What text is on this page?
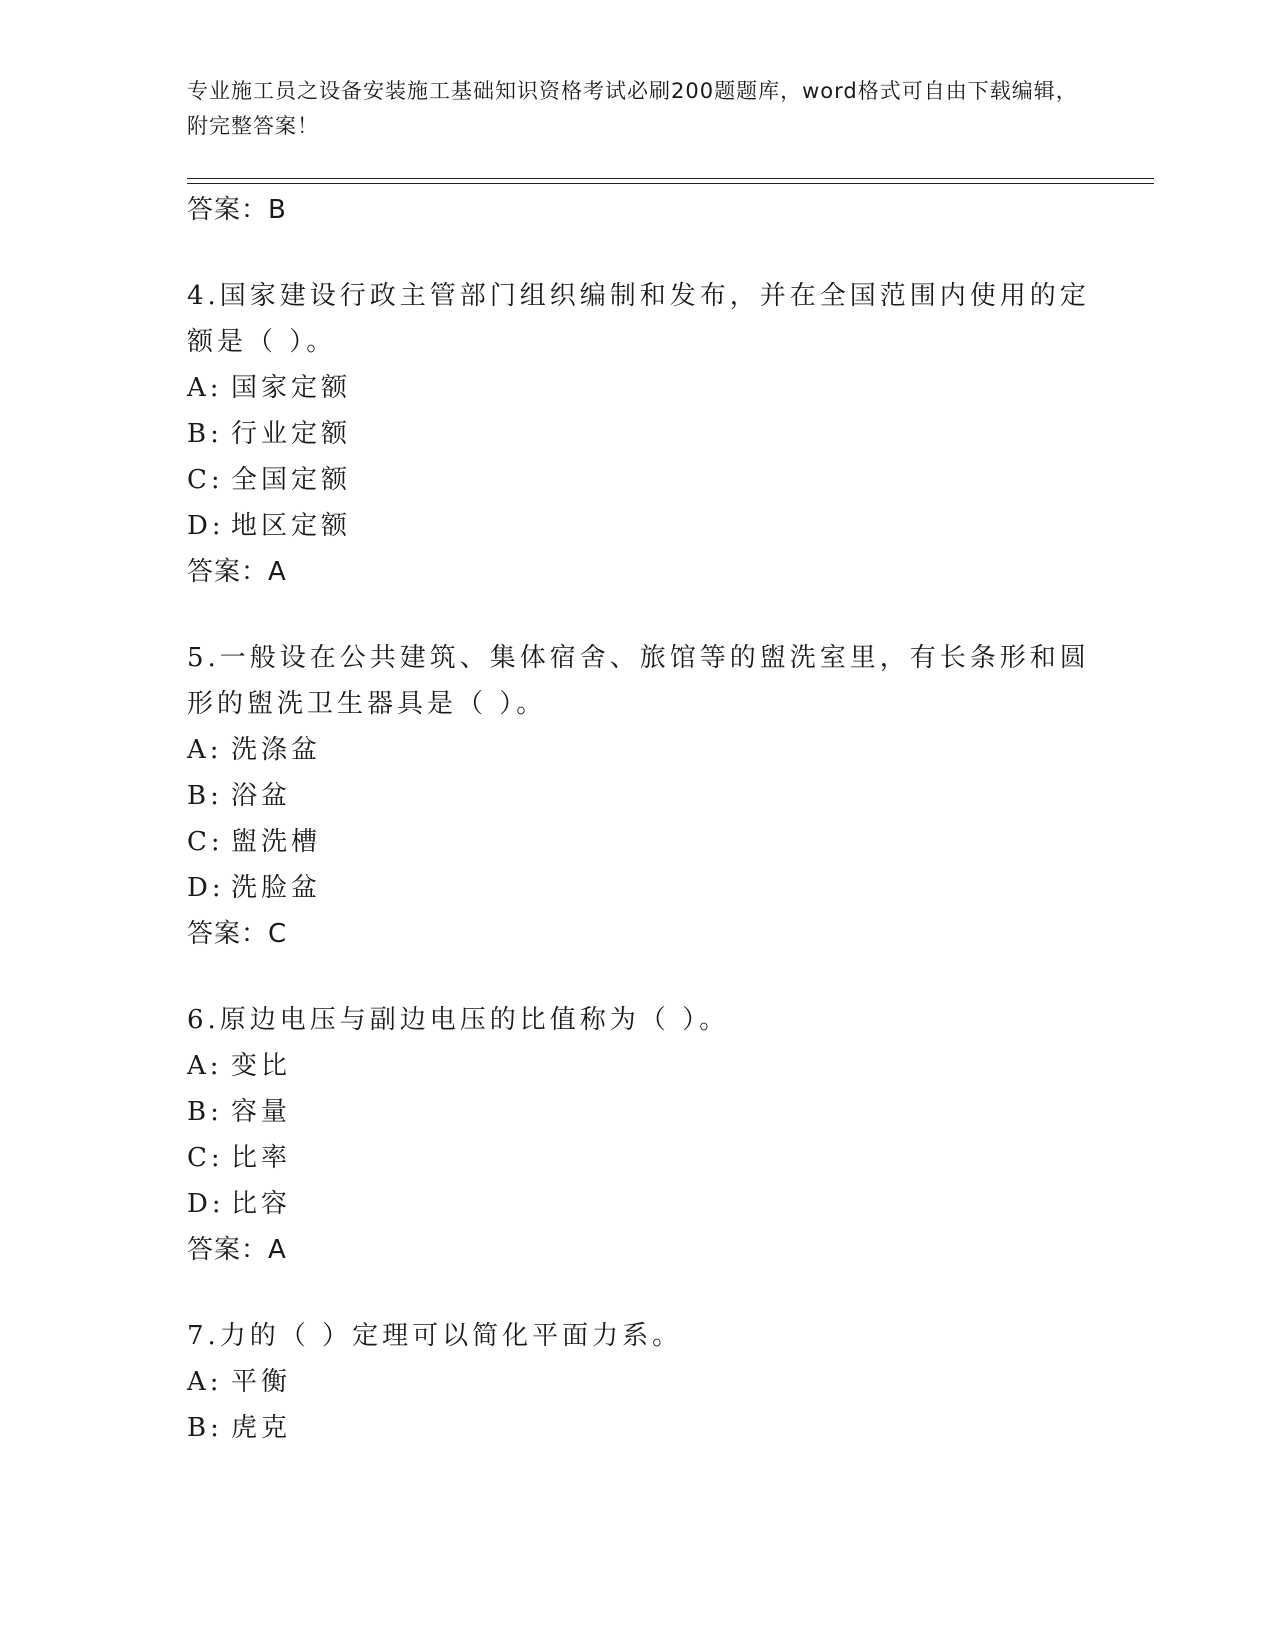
专业施工员之设备安装施工基础知识资格考试必刷200题题库，word格式可自由下载编辑，附完整答案！
答案：B
4.国家建设行政主管部门组织编制和发布，并在全国范围内使用的定额是（ ）。
A: 国家定额
B: 行业定额
C: 全国定额
D: 地区定额
答案：A
5.一般设在公共建筑、集体宿舍、旅馆等的盥洗室里，有长条形和圆形的盥洗卫生器具是（ ）。
A: 洗涤盆
B: 浴盆
C: 盥洗槽
D: 洗脸盆
答案：C
6.原边电压与副边电压的比值称为（ ）。
A: 变比
B: 容量
C: 比率
D: 比容
答案：A
7.力的（ ）定理可以简化平面力系。
A: 平衡
B: 虎克
